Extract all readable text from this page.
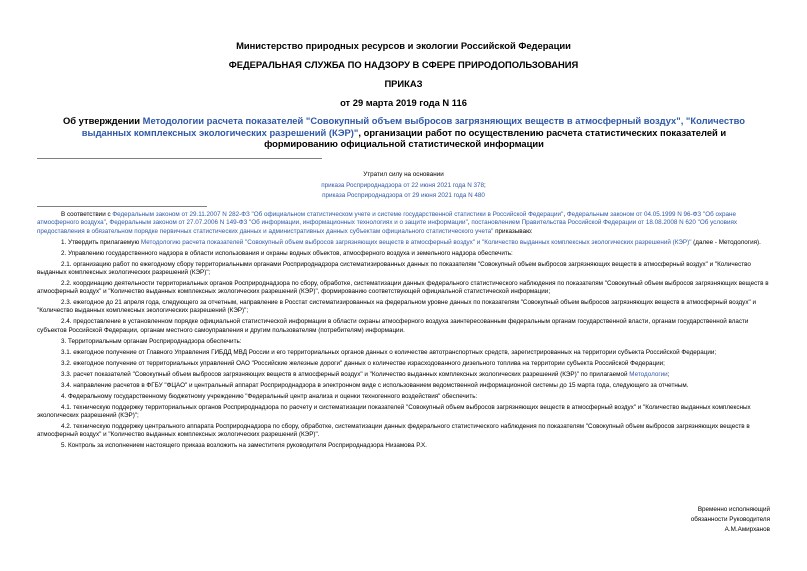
Министерство природных ресурсов и экологии Российской Федерации
ФЕДЕРАЛЬНАЯ СЛУЖБА ПО НАДЗОРУ В СФЕРЕ ПРИРОДОПОЛЬЗОВАНИЯ
ПРИКАЗ
от 29 марта 2019 года N 116
Об утверждении Методологии расчета показателей "Совокупный объем выбросов загрязняющих веществ в атмосферный воздух", "Количество выданных комплексных экологических разрешений (КЭР)", организации работ по осуществлению расчета статистических показателей и формированию официальной статистической информации
Утратил силу на основании
приказа Росприроднадзора от 22 июня 2021 года N 378;
приказа Росприроднадзора от 29 июня 2021 года N 480

В соответствии с Федеральным законом от 29.11.2007 N 282-ФЗ "Об официальном статистическом учете и системе государственной статистики в Российской Федерации", Федеральным законом от 04.05.1999 N 96-ФЗ "Об охране атмосферного воздуха", Федеральным законом от 27.07.2006 N 149-ФЗ "Об информации, информационных технологиях и о защите информации", постановлением Правительства Российской Федерации от 18.08.2008 N 620 "Об условиях предоставления в обязательном порядке первичных статистических данных и административных данных субъектам официального статистического учета" приказываю:

1. Утвердить прилагаемую Методологию расчета показателей "Совокупный объем выбросов загрязняющих веществ в атмосферный воздух" и "Количество выданных комплексных экологических разрешений (КЭР)" (далее - Методология).

2. Управлению государственного надзора в области использования и охраны водных объектов, атмосферного воздуха и земельного надзора обеспечить:

2.1. организацию работ по ежегодному сбору территориальными органами Росприроднадзора систематизированных данных по показателям "Совокупный объем выбросов загрязняющих веществ в атмосферный воздух" и "Количество выданных комплексных экологических разрешений (КЭР)";

2.2. координацию деятельности территориальных органов Росприроднадзора по сбору, обработке, систематизации данных федерального статистического наблюдения по показателям "Совокупный объем выбросов загрязняющих веществ в атмосферный воздух" и "Количество выданных комплексных экологических разрешений (КЭР)", формированию соответствующей официальной статистической информации;

2.3. ежегодное до 21 апреля года, следующего за отчетным, направление в Росстат систематизированных на федеральном уровне данных по показателям "Совокупный объем выбросов загрязняющих веществ в атмосферный воздух" и "Количество выданных комплексных экологических разрешений (КЭР)";

2.4. предоставление в установленном порядке официальной статистической информации в области охраны атмосферного воздуха заинтересованным федеральным органам государственной власти, органам государственной власти субъектов Российской Федерации, органам местного самоуправления и другим пользователям (потребителям) информации.

3. Территориальным органам Росприроднадзора обеспечить:

3.1. ежегодное получение от Главного Управления ГИБДД МВД России и его территориальных органов данных о количестве автотранспортных средств, зарегистрированных на территории субъекта Российской Федерации;

3.2. ежегодное получение от территориальных управлений ОАО "Российские железные дороги" данных о количестве израсходованного дизельного топлива на территории субъекта Российской Федерации;

3.3. расчет показателей "Совокупный объем выбросов загрязняющих веществ в атмосферный воздух" и "Количество выданных комплексных экологических разрешений (КЭР)" по прилагаемой Методологии;

3.4. направление расчетов в ФГБУ "ФЦАО" и центральный аппарат Росприроднадзора в электронном виде с использованием ведомственной информационной системы до 15 марта года, следующего за отчетным.

4. Федеральному государственному бюджетному учреждению "Федеральный центр анализа и оценки техногенного воздействия" обеспечить:

4.1. техническую поддержку территориальных органов Росприроднадзора по расчету и систематизации показателей "Совокупный объем выбросов загрязняющих веществ в атмосферный воздух" и "Количество выданных комплексных экологических разрешений (КЭР)";

4.2. техническую поддержку центрального аппарата Росприроднадзора по сбору, обработке, систематизации данных федерального статистического наблюдения по показателям "Совокупный объем выбросов загрязняющих веществ в атмосферный воздух" и "Количество выданных комплексных экологических разрешений (КЭР)".

5. Контроль за исполнением настоящего приказа возложить на заместителя руководителя Росприроднадзора Низамова Р.Х.

Временно исполняющий
обязанности Руководителя
А.М.Амирханов
